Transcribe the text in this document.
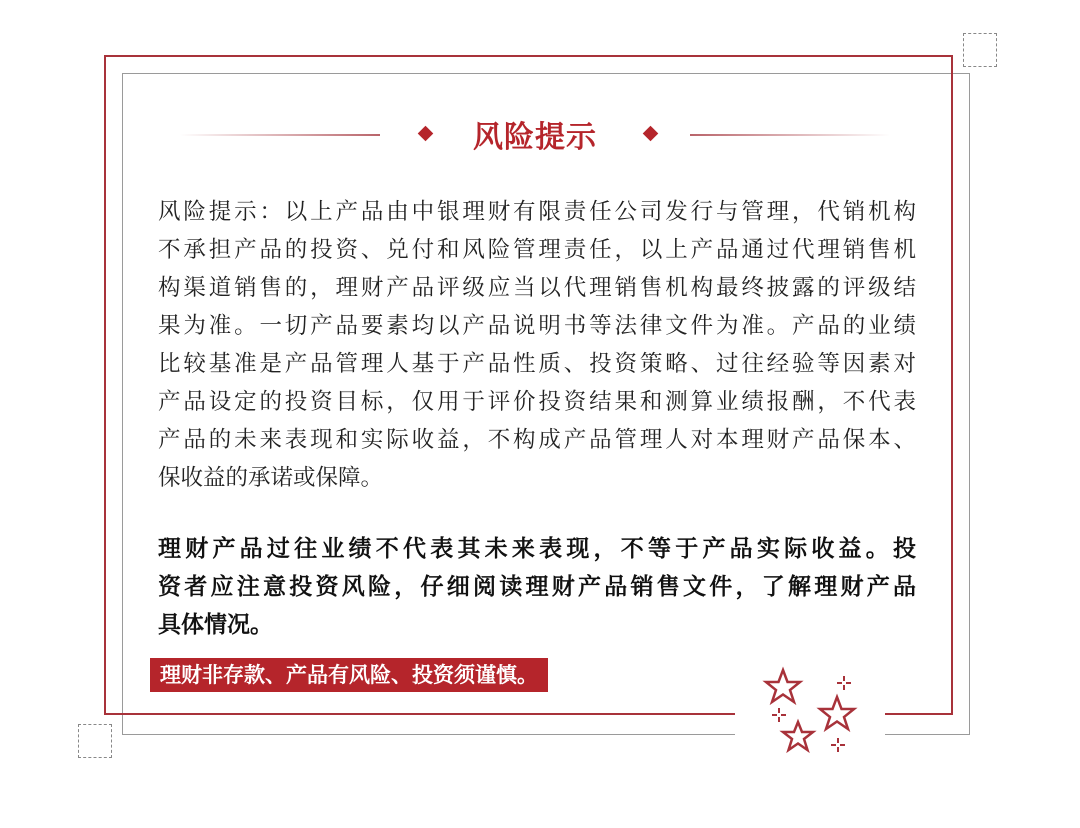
风险提示
风险提示：以上产品由中银理财有限责任公司发行与管理，代销机构
不承担产品的投资、兑付和风险管理责任，以上产品通过代理销售机
构渠道销售的，理财产品评级应当以代理销售机构最终披露的评级结
果为准。一切产品要素均以产品说明书等法律文件为准。产品的业绩
比较基准是产品管理人基于产品性质、投资策略、过往经验等因素对
产品设定的投资目标，仅用于评价投资结果和测算业绩报酬，不代表
产品的未来表现和实际收益，不构成产品管理人对本理财产品保本、
保收益的承诺或保障。
理财产品过往业绩不代表其未来表现，不等于产品实际收益。投
资者应注意投资风险，仔细阅读理财产品销售文件，了解理财产品
具体情况。
理财非存款、产品有风险、投资须谨慎。
